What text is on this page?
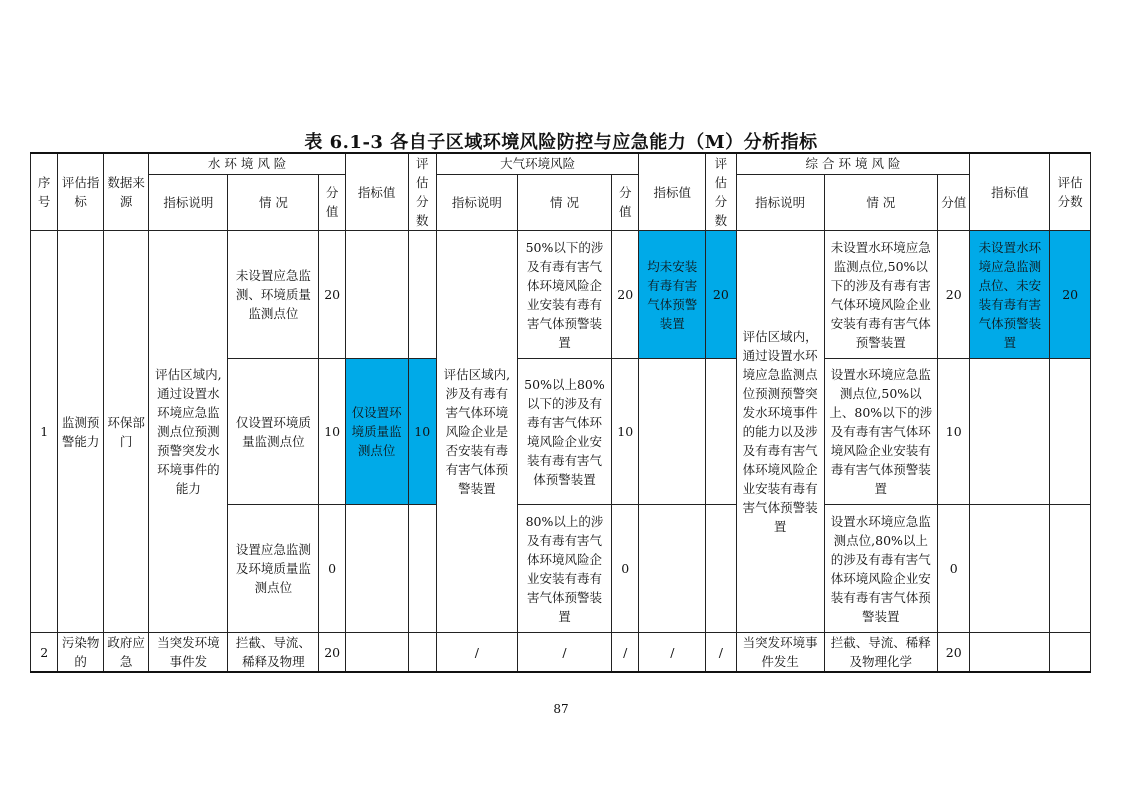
表 6.1-3 各自子区域环境风险防控与应急能力（M）分析指标
序号	评估指标	数据来源	水 环 境 风 险			指标值	评估分数	大气环境风险			指标值	评估分数	综 合 环 境 风 险			指标值	评估分数
			指标说明	情 况	分值			指标说明	情 况	分值			指标说明	情 况	分值		
1	监测预警能力	环保部门	评估区域内,通过设置水环境应急监测点位预测预警突发水环境事件的能力	未设置应急监测、环境质量监测点位	20			评估区域内,涉及有毒有害气体环境风险企业是否安装有毒有害气体预警装置	50%以下的涉及有毒有害气体环境风险企业安装有毒有害气体预警装置	20	均未安装有毒有害气体预警装置	20	评估区域内，通过设置水环境应急监测点位预测预警突发水环境事件的能力以及涉及有毒有害气体环境风险企业安装有毒有害气体预警装置	未设置水环境应急监测点位,50%以下的涉及有毒有害气体环境风险企业安装有毒有害气体预警装置	20	未设置水环境应急监测点位、未安装有毒有害气体预警装置	20
				仅设置环境质量监测点位	10	仅设置环境质量监测点位	10		50%以上80%以下的涉及有毒有害气体环境风险企业安装有毒有害气体预警装置	10				设置水环境应急监测点位,50%以上、80%以下的涉及有毒有害气体环境风险企业安装有毒有害气体预警装置	10		
				设置应急监测及环境质量监测点位	0				80%以上的涉及有毒有害气体环境风险企业安装有毒有害气体预警装置	0				设置水环境应急监测点位,80%以上的涉及有毒有害气体环境风险企业安装有毒有害气体预警装置	0		
2	污染物的	政府应急	当突发环境事件发	拦截、导流、稀释及物理	20			/	/	/	/	/	当突发环境事件发生	拦截、导流、稀释及物理化学	20		
87
